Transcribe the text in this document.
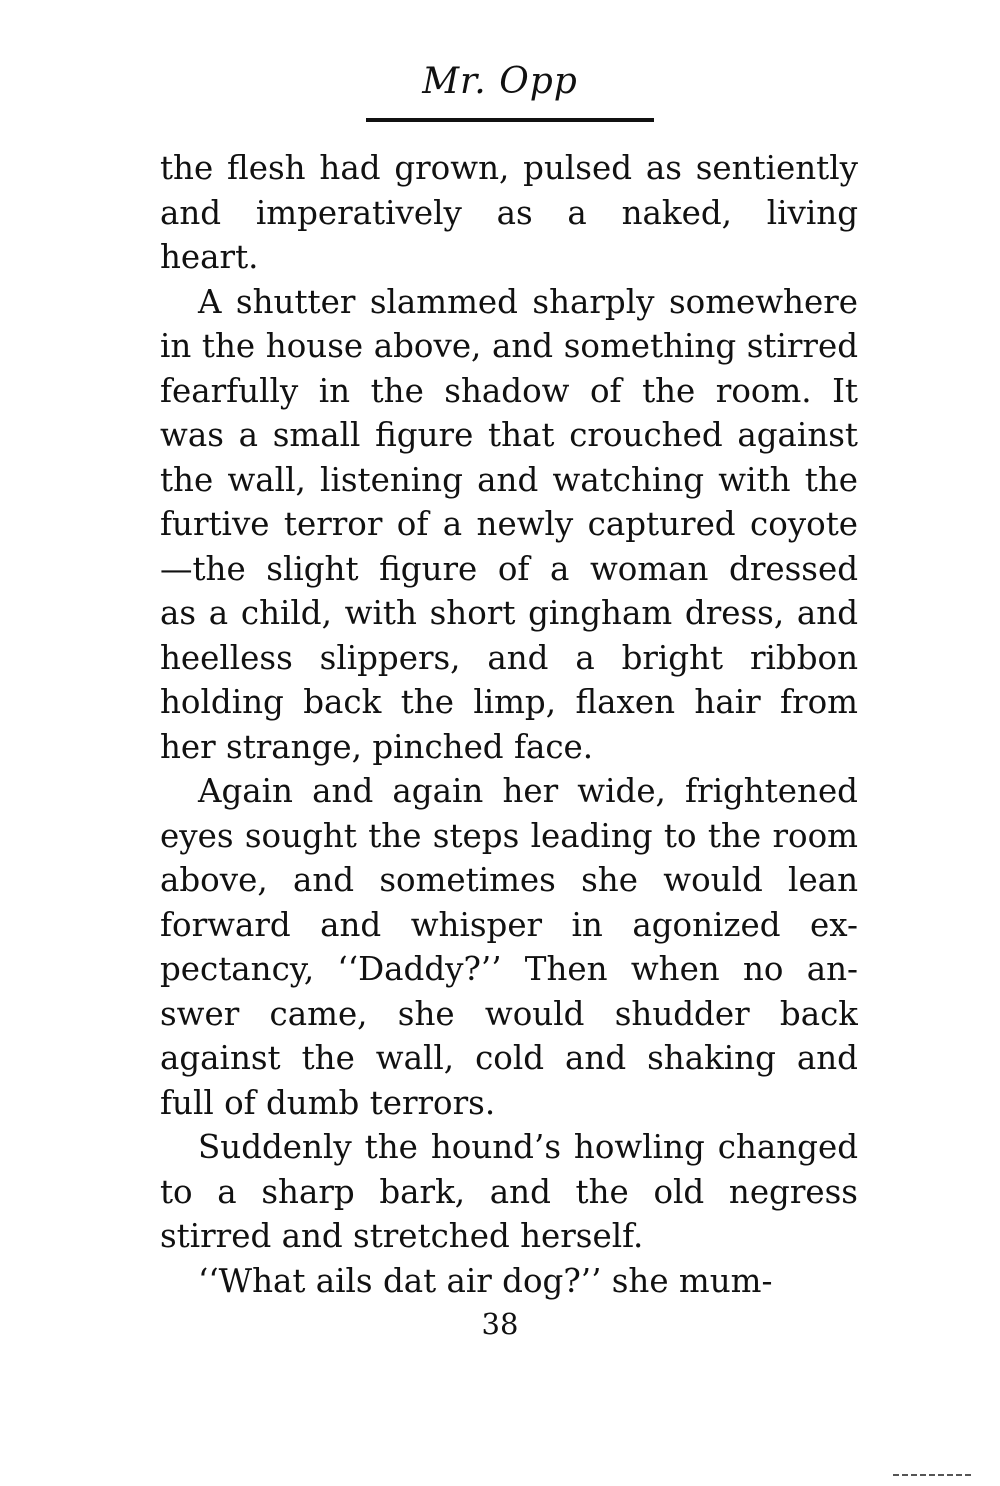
Mr. Opp

the flesh had grown, pulsed as sentiently
and imperatively as a naked, living
heart.

A shutter slammed sharply somewhere
in the house above, and something stirred
fearfully in the shadow of the room. It
was a small figure that crouched against
the wall, listening and watching with the
furtive terror of a newly captured coyote
—the slight figure of a woman dressed
as a child, with short gingham dress, and
heelless slippers, and a bright ribbon
holding back the limp, flaxen hair from
her strange, pinched face.

Again and again her wide, frightened
eyes sought the steps leading to the room
above, and sometimes she would lean
forward and whisper in agonized ex-
pectancy, ‘‘Daddy?’’ Then when no an-
swer came, she would shudder back
against the wall, cold and shaking and
full of dumb terrors.

Suddenly the hound’s howling changed
to a sharp bark, and the old negress
stirred and stretched herself.

‘‘What ails dat air dog?’’ she mum-

38
